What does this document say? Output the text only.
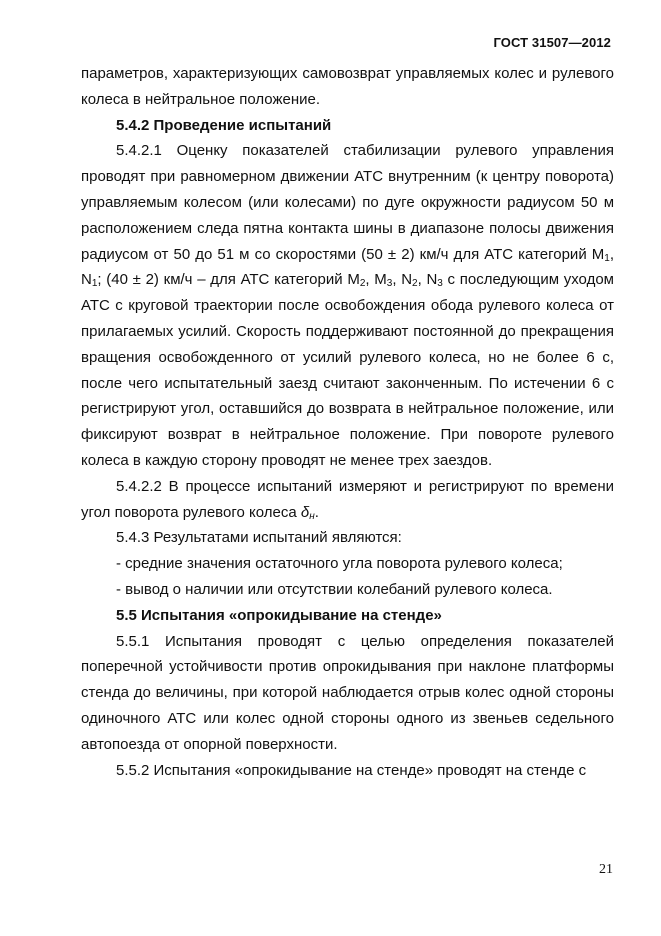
ГОСТ 31507—2012

параметров, характеризующих самовозврат управляемых колес и рулевого колеса в нейтральное положение.

5.4.2 Проведение испытаний

5.4.2.1 Оценку показателей стабилизации рулевого управления проводят при равномерном движении АТС внутренним (к центру поворота) управляемым колесом (или колесами) по дуге окружности радиусом 50 м расположением следа пятна контакта шины в диапазоне полосы движения радиусом от 50 до 51 м со скоростями (50 ± 2) км/ч для АТС категорий $М_1$, $N_1$; (40 ± 2) км/ч – для АТС категорий $М_2$, $М_3$, $N_2$, $N_3$ с последующим уходом АТС с круговой траектории после освобождения обода рулевого колеса от прилагаемых усилий. Скорость поддерживают постоянной до прекращения вращения освобожденного от усилий рулевого колеса, но не более 6 с, после чего испытательный заезд считают законченным. По истечении 6 с регистрируют угол, оставшийся до возврата в нейтральное положение, или фиксируют возврат в нейтральное положение. При повороте рулевого колеса в каждую сторону проводят не менее трех заездов.

5.4.2.2 В процессе испытаний измеряют и регистрируют по времени угол поворота рулевого колеса $\delta_н$.

5.4.3 Результатами испытаний являются:

- средние значения остаточного угла поворота рулевого колеса;

- вывод о наличии или отсутствии колебаний рулевого колеса.

5.5 Испытания «опрокидывание на стенде»

5.5.1 Испытания проводят с целью определения показателей поперечной устойчивости против опрокидывания при наклоне платформы стенда до величины, при которой наблюдается отрыв колес одной стороны одиночного АТС или колес одной стороны одного из звеньев седельного автопоезда от опорной поверхности.

5.5.2 Испытания «опрокидывание на стенде» проводят на стенде с

21
